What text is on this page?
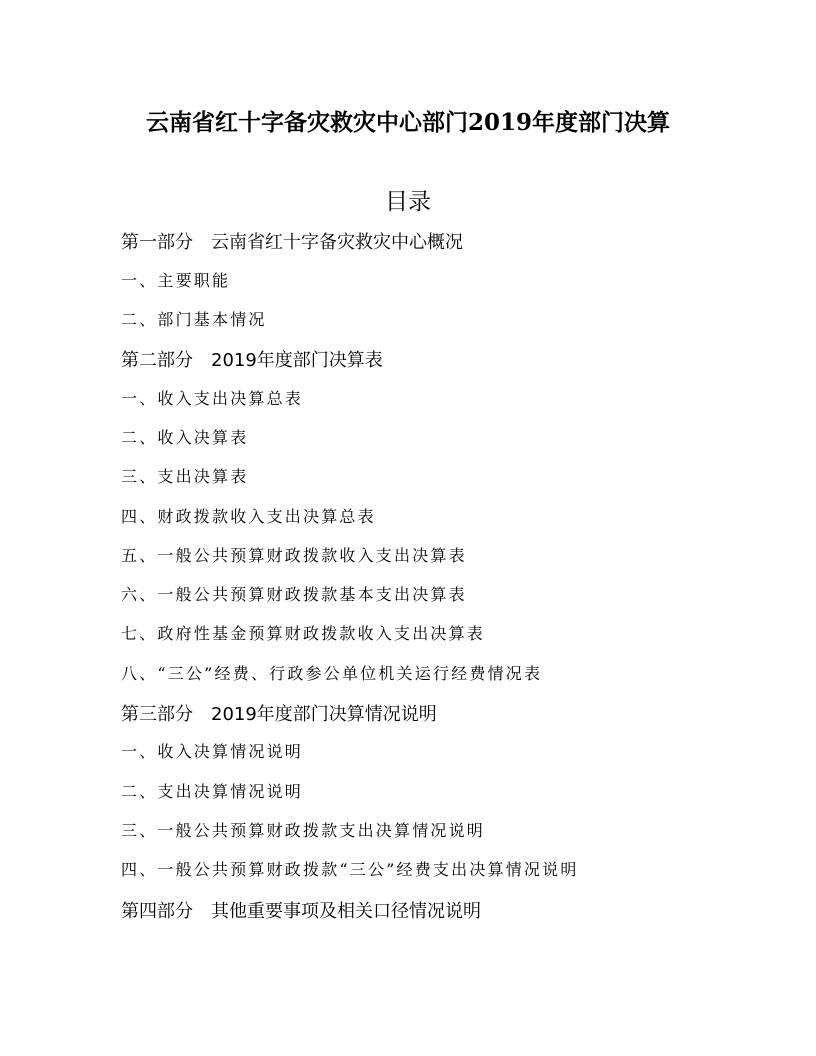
云南省红十字备灾救灾中心部门2019年度部门决算
目录
第一部分 云南省红十字备灾救灾中心概况
一、主要职能
二、部门基本情况
第二部分 2019年度部门决算表
一、收入支出决算总表
二、收入决算表
三、支出决算表
四、财政拨款收入支出决算总表
五、一般公共预算财政拨款收入支出决算表
六、一般公共预算财政拨款基本支出决算表
七、政府性基金预算财政拨款收入支出决算表
八、“三公”经费、行政参公单位机关运行经费情况表
第三部分 2019年度部门决算情况说明
一、收入决算情况说明
二、支出决算情况说明
三、一般公共预算财政拨款支出决算情况说明
四、一般公共预算财政拨款“三公”经费支出决算情况说明
第四部分 其他重要事项及相关口径情况说明
